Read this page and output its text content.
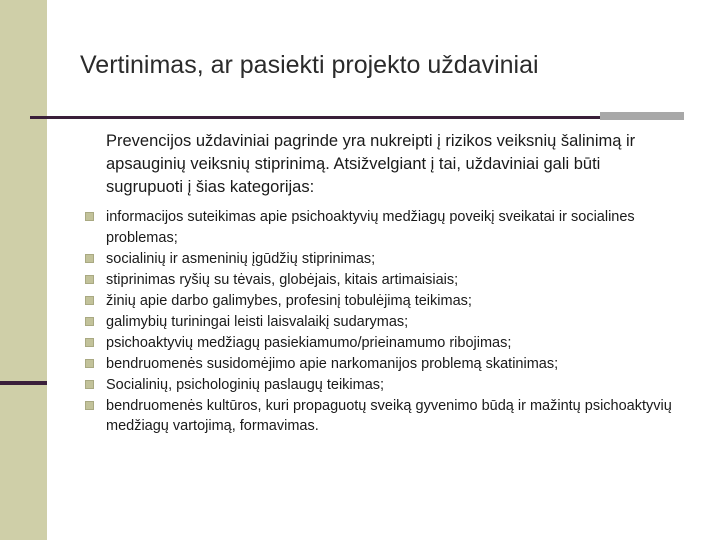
Vertinimas, ar pasiekti projekto uždaviniai

Prevencijos uždaviniai pagrinde yra nukreipti į rizikos veiksnių šalinimą ir apsauginių veiksnių stiprinimą. Atsižvelgiant į tai, uždaviniai gali būti sugrupuoti į šias kategorijas:

informacijos suteikimas apie psichoaktyvių medžiagų poveikį sveikatai ir socialines problemas;
socialinių ir asmeninių įgūdžių stiprinimas;
stiprinimas ryšių su tėvais, globėjais, kitais artimaisiais;
žinių apie darbo galimybes, profesinį tobulėjimą teikimas;
galimybių turiningai leisti laisvalaikį sudarymas;
psichoaktyvių medžiagų pasiekiamumo/prieinamumo ribojimas;
bendruomenės susidomėjimo apie narkomanijos problemą skatinimas;
Socialinių, psichologinių paslaugų teikimas;
bendruomenės kultūros, kuri propaguotų sveiką gyvenimo būdą ir mažintų psichoaktyvių medžiagų vartojimą, formavimas.
